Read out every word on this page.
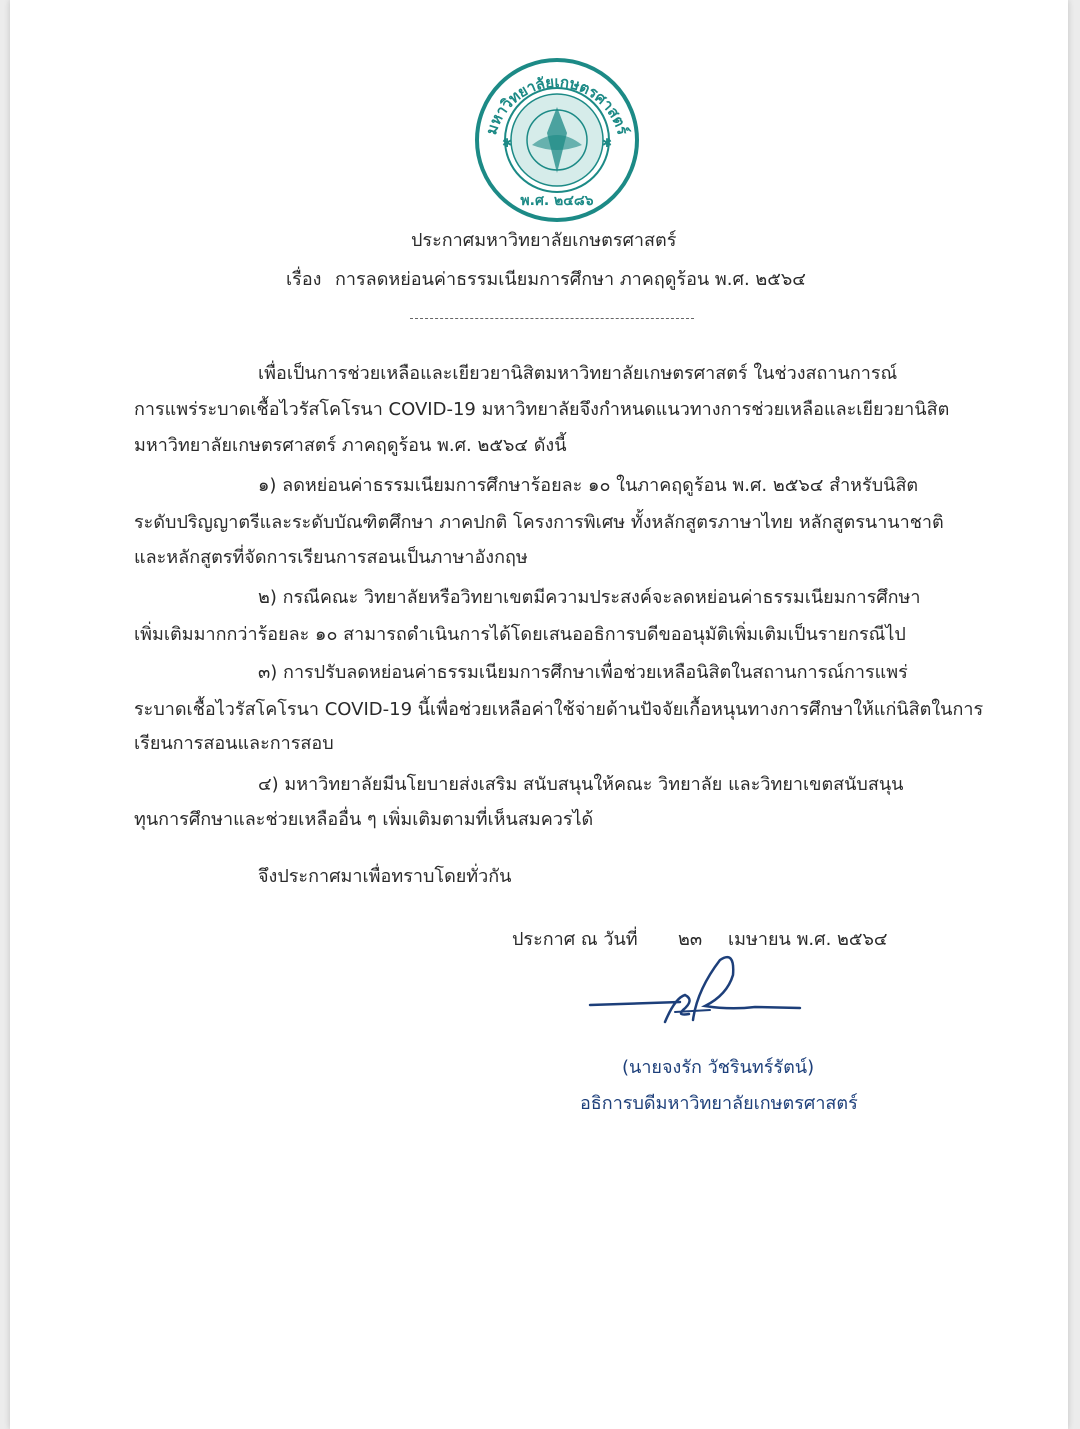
✱	✱
มหาวิทยาลัยเกษตรศาสตร์
พ.ศ. ๒๔๘๖
ประกาศมหาวิทยาลัยเกษตรศาสตร์
เรื่อง การลดหย่อนค่าธรรมเนียมการศึกษา ภาคฤดูร้อน พ.ศ. ๒๕๖๔
เพื่อเป็นการช่วยเหลือและเยียวยานิสิตมหาวิทยาลัยเกษตรศาสตร์ ในช่วงสถานการณ์
การแพร่ระบาดเชื้อไวรัสโคโรนา COVID-19 มหาวิทยาลัยจึงกำหนดแนวทางการช่วยเหลือและเยียวยานิสิต
มหาวิทยาลัยเกษตรศาสตร์ ภาคฤดูร้อน พ.ศ. ๒๕๖๔ ดังนี้
๑) ลดหย่อนค่าธรรมเนียมการศึกษาร้อยละ ๑๐ ในภาคฤดูร้อน พ.ศ. ๒๕๖๔ สำหรับนิสิต
ระดับปริญญาตรีและระดับบัณฑิตศึกษา ภาคปกติ โครงการพิเศษ ทั้งหลักสูตรภาษาไทย หลักสูตรนานาชาติ
และหลักสูตรที่จัดการเรียนการสอนเป็นภาษาอังกฤษ
๒) กรณีคณะ วิทยาลัยหรือวิทยาเขตมีความประสงค์จะลดหย่อนค่าธรรมเนียมการศึกษา
เพิ่มเติมมากกว่าร้อยละ ๑๐ สามารถดำเนินการได้โดยเสนออธิการบดีขออนุมัติเพิ่มเติมเป็นรายกรณีไป
๓) การปรับลดหย่อนค่าธรรมเนียมการศึกษาเพื่อช่วยเหลือนิสิตในสถานการณ์การแพร่
ระบาดเชื้อไวรัสโคโรนา COVID-19 นี้เพื่อช่วยเหลือค่าใช้จ่ายด้านปัจจัยเกื้อหนุนทางการศึกษาให้แก่นิสิตในการ
เรียนการสอนและการสอบ
๔) มหาวิทยาลัยมีนโยบายส่งเสริม สนับสนุนให้คณะ วิทยาลัย และวิทยาเขตสนับสนุน
ทุนการศึกษาและช่วยเหลืออื่น ๆ เพิ่มเติมตามที่เห็นสมควรได้
จึงประกาศมาเพื่อทราบโดยทั่วกัน
ประกาศ ณ วันที่ ๒๓ เมษายน พ.ศ. ๒๕๖๔
(นายจงรัก วัชรินทร์รัตน์)
อธิการบดีมหาวิทยาลัยเกษตรศาสตร์
